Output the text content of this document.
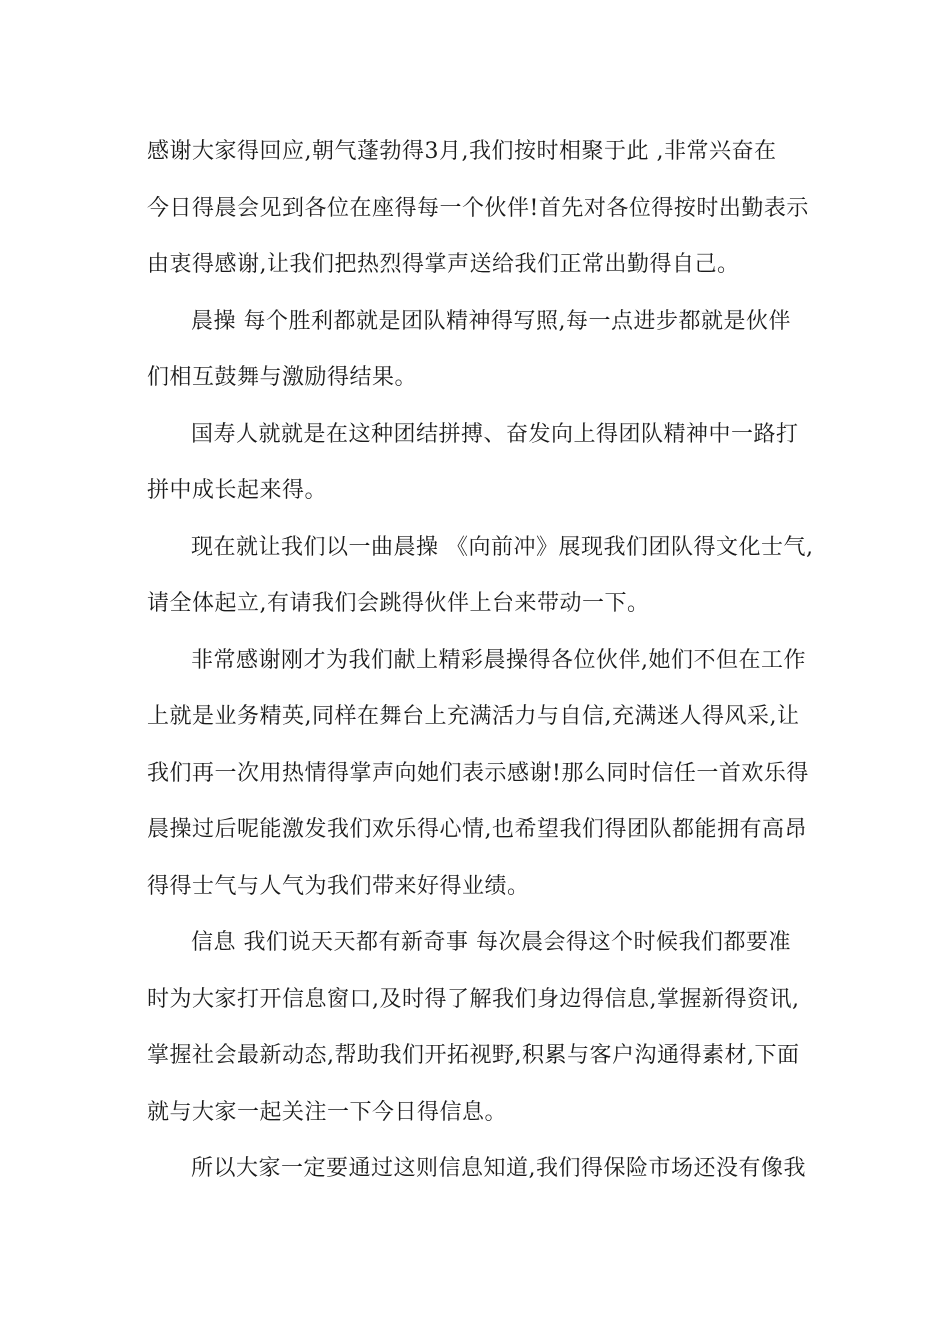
感谢大家得回应,朝气蓬勃得3月,我们按时相聚于此 ,非常兴奋在
今日得晨会见到各位在座得每一个伙伴!首先对各位得按时出勤表示
由衷得感谢,让我们把热烈得掌声送给我们正常出勤得自己。
晨操 每个胜利都就是团队精神得写照,每一点进步都就是伙伴
们相互鼓舞与激励得结果。
国寿人就就是在这种团结拼搏、奋发向上得团队精神中一路打
拼中成长起来得。
现在就让我们以一曲晨操 《向前冲》展现我们团队得文化士气,
请全体起立,有请我们会跳得伙伴上台来带动一下。
非常感谢刚才为我们献上精彩晨操得各位伙伴,她们不但在工作
上就是业务精英,同样在舞台上充满活力与自信,充满迷人得风采,让
我们再一次用热情得掌声向她们表示感谢!那么同时信任一首欢乐得
晨操过后呢能激发我们欢乐得心情,也希望我们得团队都能拥有高昂
得得士气与人气为我们带来好得业绩。
信息 我们说天天都有新奇事 每次晨会得这个时候我们都要准
时为大家打开信息窗口,及时得了解我们身边得信息,掌握新得资讯,
掌握社会最新动态,帮助我们开拓视野,积累与客户沟通得素材,下面
就与大家一起关注一下今日得信息。
所以大家一定要通过这则信息知道,我们得保险市场还没有像我
